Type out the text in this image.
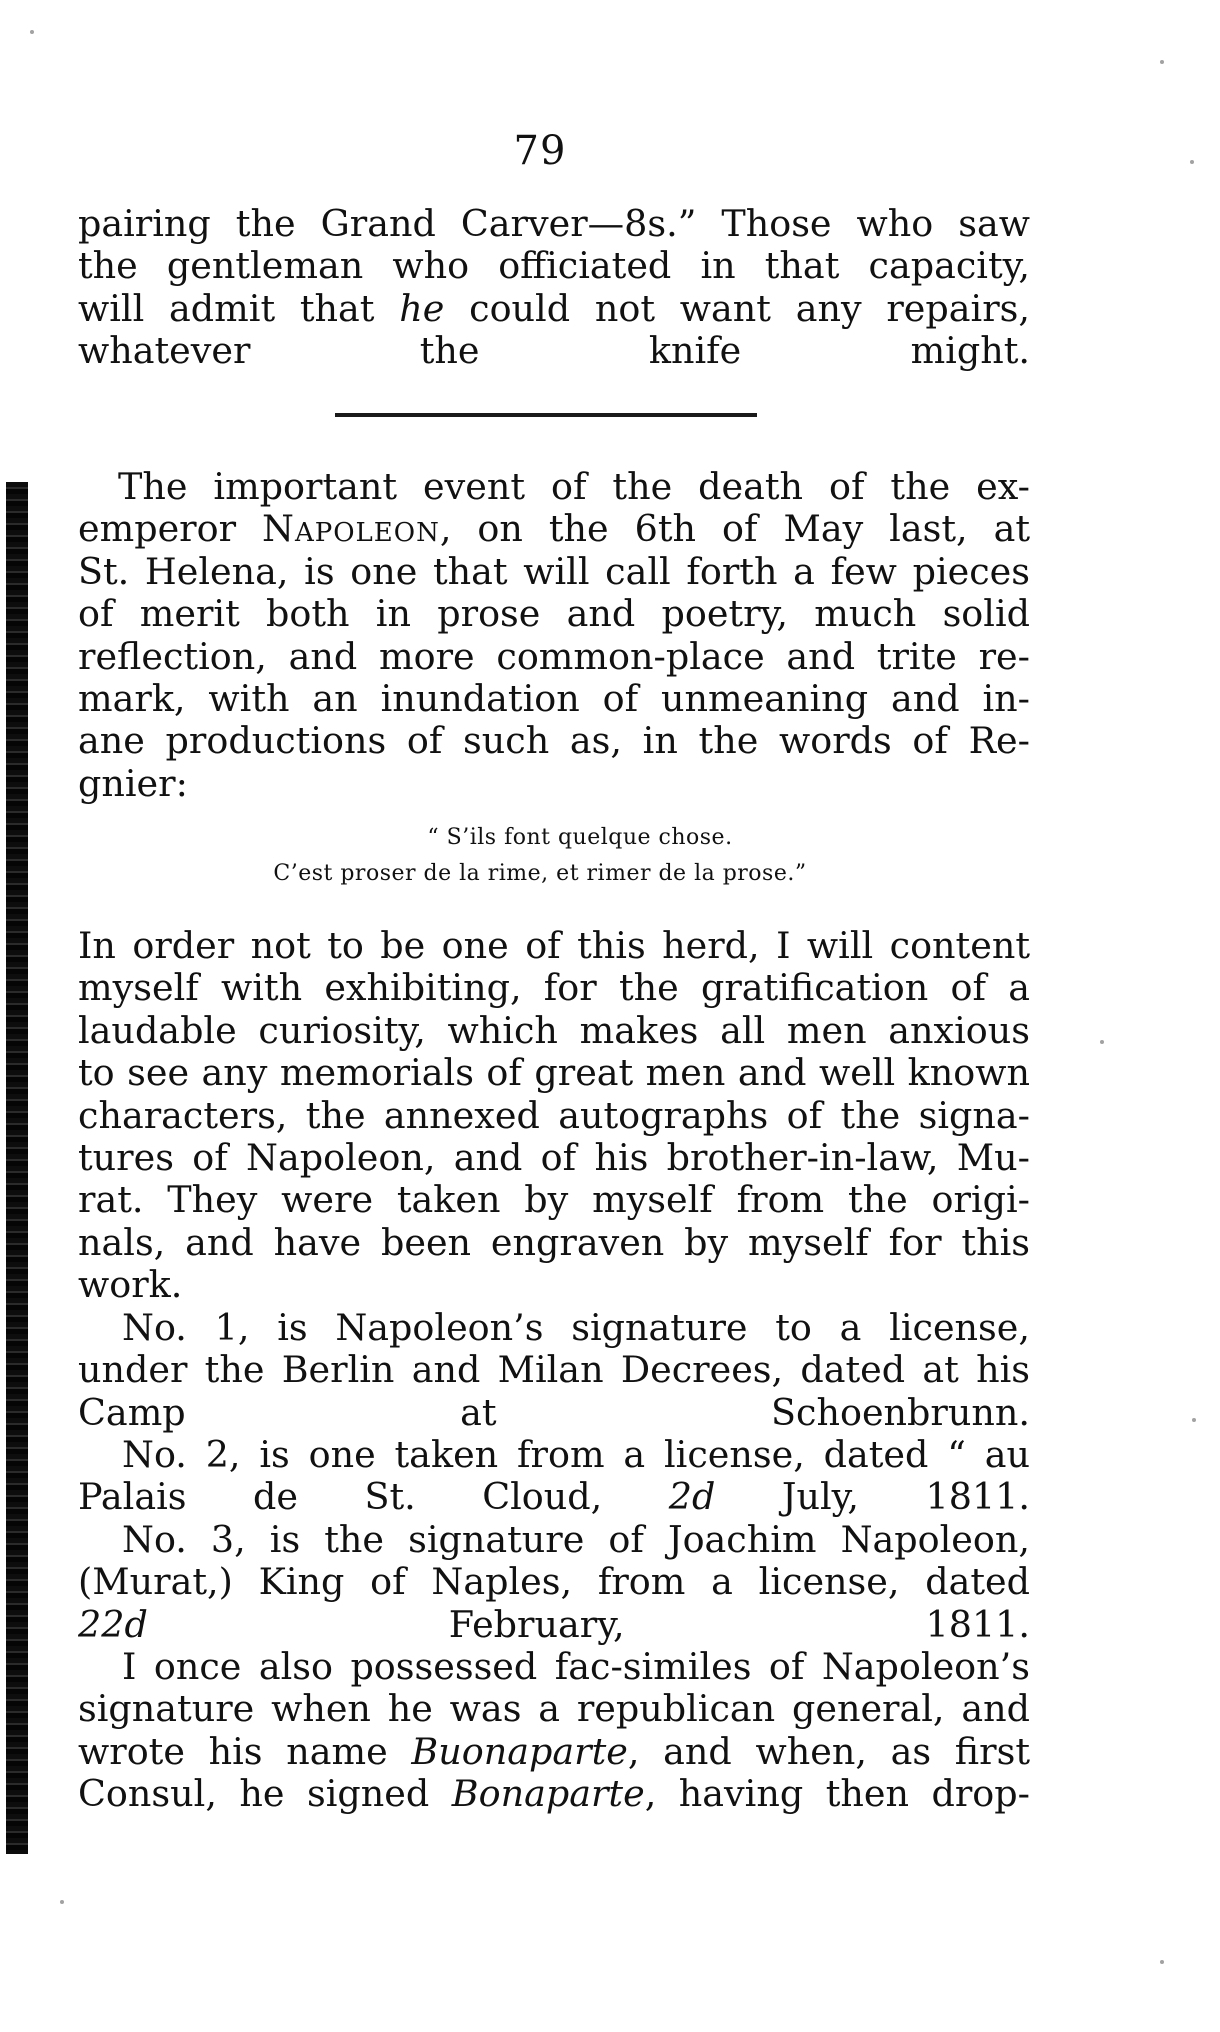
79
pairing the Grand Carver—8s.” Those who saw
the gentleman who officiated in that capacity,
will admit that he could not want any repairs,
whatever the knife might.
The important event of the death of the ex-
emperor Napoleon, on the 6th of May last, at
St. Helena, is one that will call forth a few pieces
of merit both in prose and poetry, much solid
reflection, and more common-place and trite re-
mark, with an inundation of unmeaning and in-
ane productions of such as, in the words of Re-
gnier:
“ S’ils font quelque chose.
C’est proser de la rime, et rimer de la prose.”
In order not to be one of this herd, I will content
myself with exhibiting, for the gratification of a
laudable curiosity, which makes all men anxious
to see any memorials of great men and well known
characters, the annexed autographs of the signa-
tures of Napoleon, and of his brother-in-law, Mu-
rat. They were taken by myself from the origi-
nals, and have been engraven by myself for this
work.
No. 1, is Napoleon’s signature to a license,
under the Berlin and Milan Decrees, dated at his
Camp at Schoenbrunn.
No. 2, is one taken from a license, dated “ au
Palais de St. Cloud, 2d July, 1811.
No. 3, is the signature of Joachim Napoleon,
(Murat,) King of Naples, from a license, dated
22d February, 1811.
I once also possessed fac-similes of Napoleon’s
signature when he was a republican general, and
wrote his name Buonaparte, and when, as first
Consul, he signed Bonaparte, having then drop-
